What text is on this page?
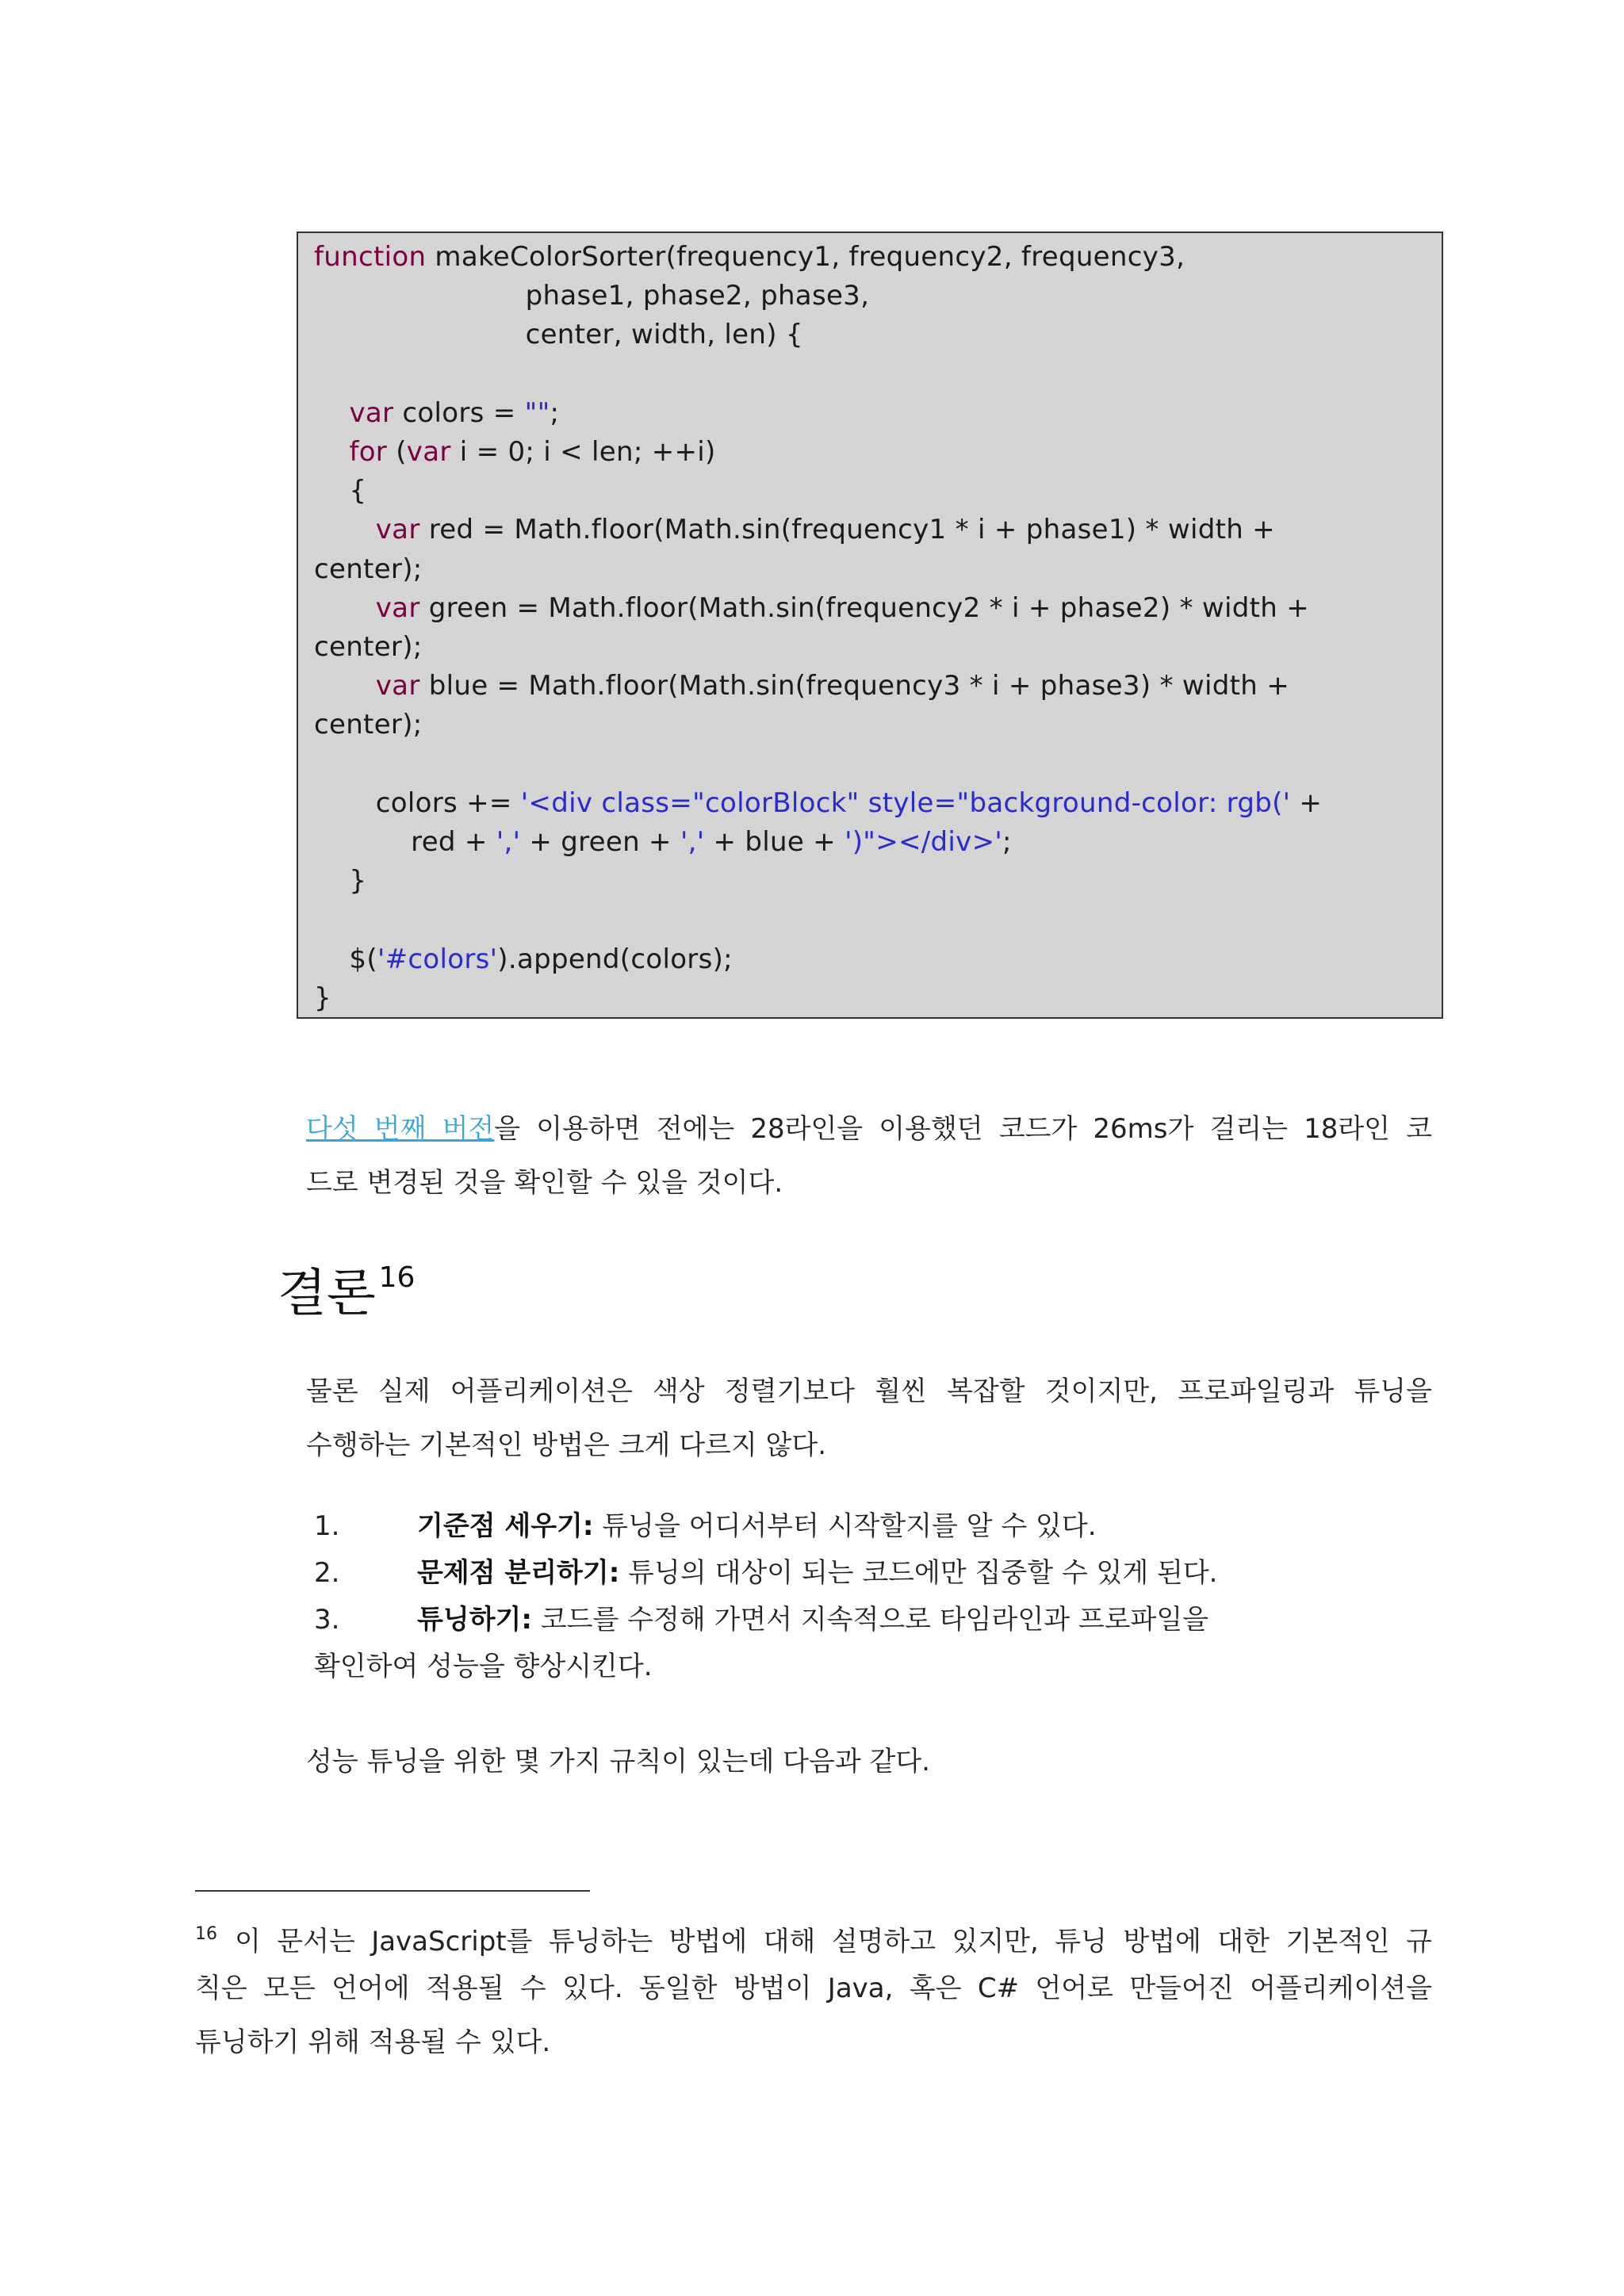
function makeColorSorter(frequency1, frequency2, frequency3,
phase1, phase2, phase3,
center, width, len) {
var colors = "";
for (var i = 0; i < len; ++i)
{
var red = Math.floor(Math.sin(frequency1 * i + phase1) * width +
center);
var green = Math.floor(Math.sin(frequency2 * i + phase2) * width +
center);
var blue = Math.floor(Math.sin(frequency3 * i + phase3) * width +
center);
colors += '<div class="colorBlock" style="background-color: rgb(' +
red + ',' + green + ',' + blue + ')"></div>';
}
$('#colors').append(colors);
}
다섯 번째 버전을 이용하면 전에는 28라인을 이용했던 코드가 26ms가 걸리는 18라인 코
드로 변경된 것을 확인할 수 있을 것이다.
결론 $^{16}$
물론 실제 어플리케이션은 색상 정렬기보다 훨씬 복잡할 것이지만, 프로파일링과 튜닝을
수행하는 기본적인 방법은 크게 다르지 않다.
1.	기준점 세우기: 튜닝을 어디서부터 시작할지를 알 수 있다.
2.	문제점 분리하기: 튜닝의 대상이 되는 코드에만 집중할 수 있게 된다.
3.	튜닝하기: 코드를 수정해 가면서 지속적으로 타임라인과 프로파일을
확인하여 성능을 향상시킨다.
성능 튜닝을 위한 몇 가지 규칙이 있는데 다음과 같다.
$^{16}$ 이 문서는 JavaScript를 튜닝하는 방법에 대해 설명하고 있지만, 튜닝 방법에 대한 기본적인 규
칙은 모든 언어에 적용될 수 있다. 동일한 방법이 Java, 혹은 C# 언어로 만들어진 어플리케이션을
튜닝하기 위해 적용될 수 있다.
